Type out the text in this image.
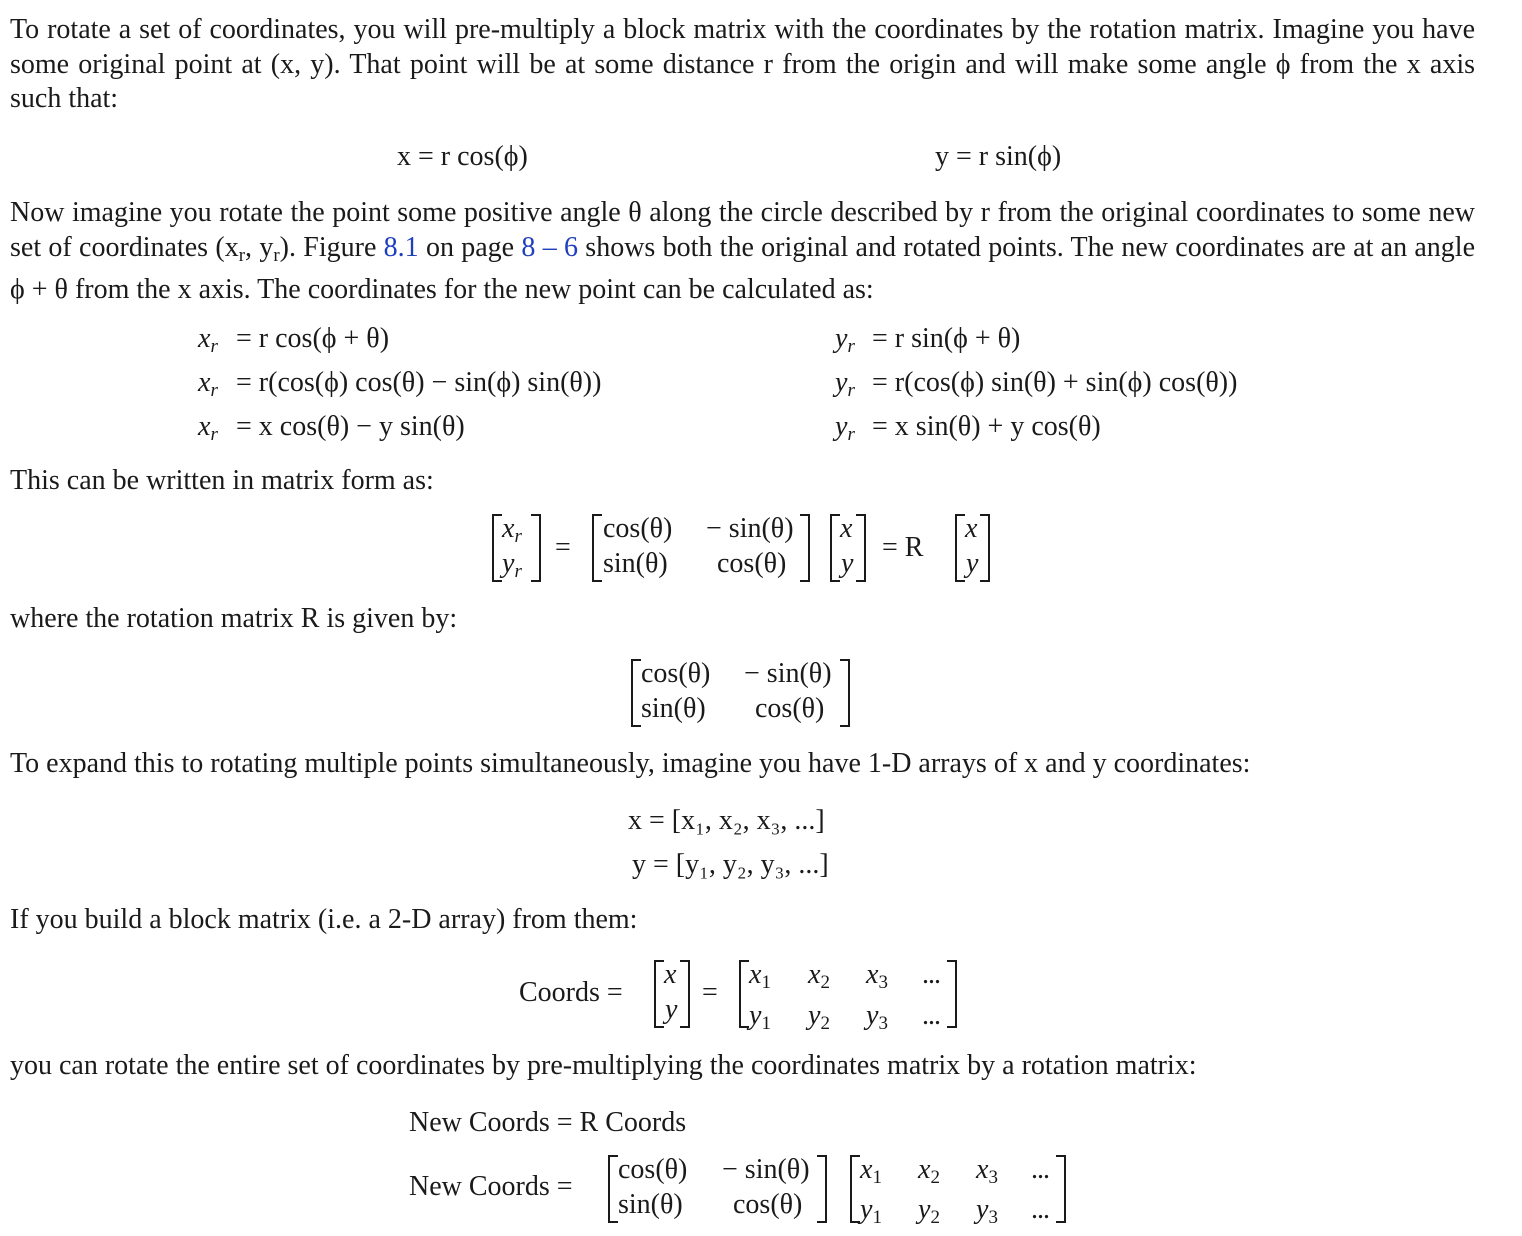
To rotate a set of coordinates, you will pre-multiply a block matrix with the coordinates by the rotation matrix. Imagine you have some original point at (x, y). That point will be at some distance r from the origin and will make some angle ϕ from the x axis such that:
x = r cos(ϕ)	y = r sin(ϕ)
Now imagine you rotate the point some positive angle θ along the circle described by r from the original coordinates to some new set of coordinates ($x_r$, $y_r$). Figure 8.1 on page 8 – 6 shows both the original and rotated points. The new coordinates are at an angle ϕ + θ from the x axis. The coordinates for the new point can be calculated as:
$x_r = r$ cos(ϕ + θ)
$x_r = r(\cos(\phi) \cos(\theta) - \sin(\phi)$ sin(θ))
$x_r = x$ cos(θ) − y sin(θ)
$y_r = r$ sin(ϕ + θ)
$y_r = r(\cos(\phi) \sin(\theta) + \sin(\phi)$ cos(θ))
$y_r = x$ sin(θ) + y cos(θ)
This can be written in matrix form as:
$x_r$
$y_r$
=
cos(θ) − sin(θ)
sin(θ) cos(θ)
x
y
= R
x
y
where the rotation matrix R is given by:
cos(θ) − sin(θ)
sin(θ) cos(θ)
To expand this to rotating multiple points simultaneously, imagine you have 1-D arrays of x and y coordinates:
x = [x₁, x₂, x₃, ...]
y = [y₁, y₂, y₃, ...]
If you build a block matrix (i.e. a 2-D array) from them:
Coords =
x
y
=
$x_1$ $x_2$ $x_3$ ...
$y_1$ $y_2$ $y_3$ ...
you can rotate the entire set of coordinates by pre-multiplying the coordinates matrix by a rotation matrix:
New Coords = R Coords
New Coords =
cos(θ) − sin(θ)
sin(θ) cos(θ)
$x_1$ $x_2$ $x_3$ ...
$y_1$ $y_2$ $y_3$ ...
